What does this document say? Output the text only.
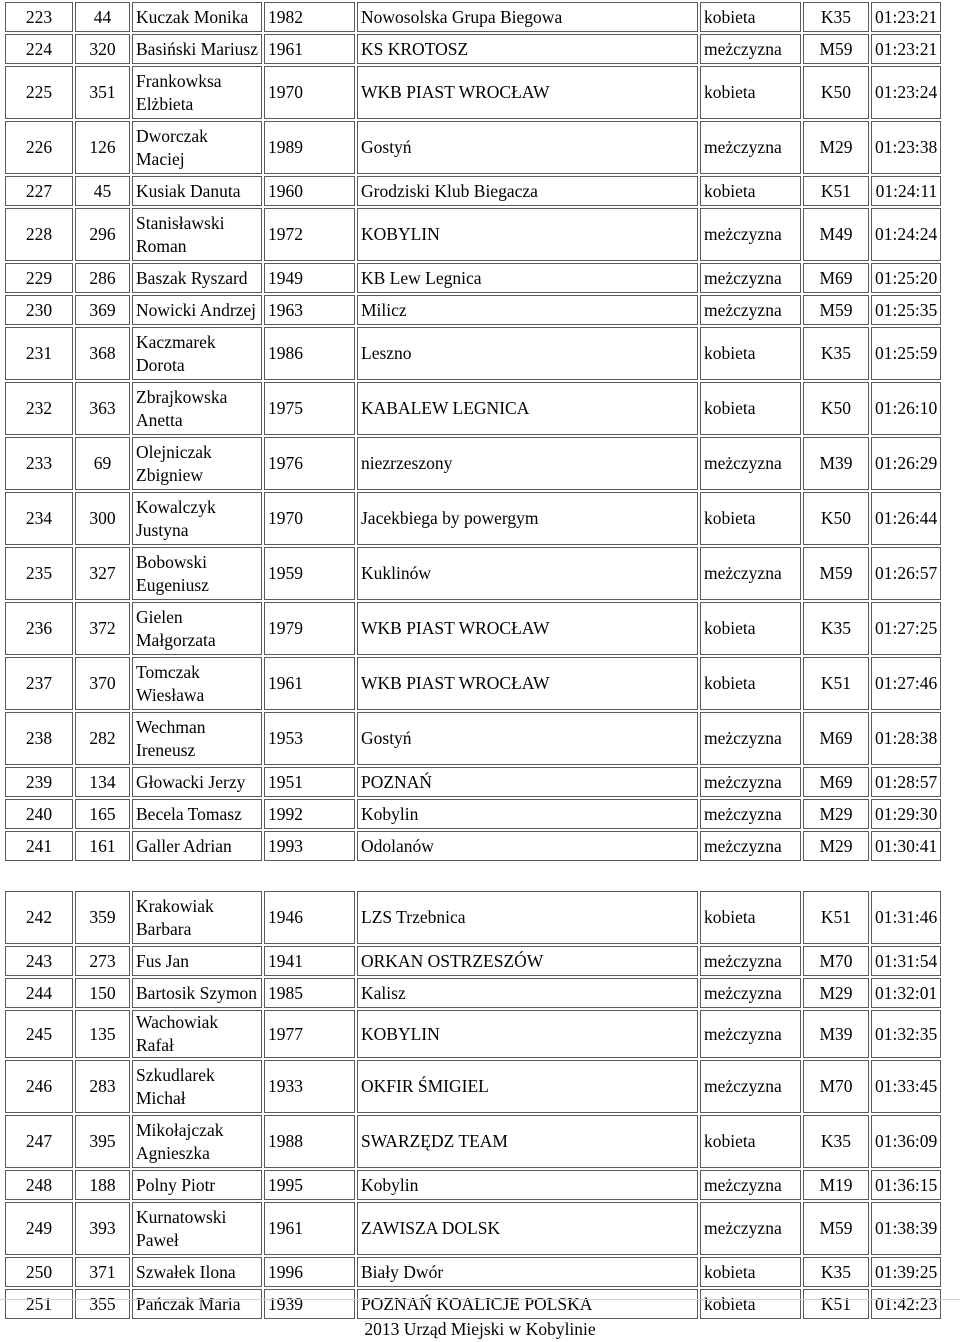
223	44	Kuczak Monika	1982	Nowosolska Grupa Biegowa	kobieta	K35	01:23:21
224	320	Basiński Mariusz	1961	KS KROTOSZ	meżczyzna	M59	01:23:21
225	351	Frankowksa Elżbieta	1970	WKB PIAST WROCŁAW	kobieta	K50	01:23:24
226	126	Dworczak Maciej	1989	Gostyń	meżczyzna	M29	01:23:38
227	45	Kusiak Danuta	1960	Grodziski Klub Biegacza	kobieta	K51	01:24:11
228	296	Stanisławski Roman	1972	KOBYLIN	meżczyzna	M49	01:24:24
229	286	Baszak Ryszard	1949	KB Lew Legnica	meżczyzna	M69	01:25:20
230	369	Nowicki Andrzej	1963	Milicz	meżczyzna	M59	01:25:35
231	368	Kaczmarek Dorota	1986	Leszno	kobieta	K35	01:25:59
232	363	Zbrajkowska Anetta	1975	KABALEW LEGNICA	kobieta	K50	01:26:10
233	69	Olejniczak Zbigniew	1976	niezrzeszony	meżczyzna	M39	01:26:29
234	300	Kowalczyk Justyna	1970	Jacekbiega by powergym	kobieta	K50	01:26:44
235	327	Bobowski Eugeniusz	1959	Kuklinów	meżczyzna	M59	01:26:57
236	372	Gielen Małgorzata	1979	WKB PIAST WROCŁAW	kobieta	K35	01:27:25
237	370	Tomczak Wiesława	1961	WKB PIAST WROCŁAW	kobieta	K51	01:27:46
238	282	Wechman Ireneusz	1953	Gostyń	meżczyzna	M69	01:28:38
239	134	Głowacki Jerzy	1951	POZNAŃ	meżczyzna	M69	01:28:57
240	165	Becela Tomasz	1992	Kobylin	meżczyzna	M29	01:29:30
241	161	Galler Adrian	1993	Odolanów	meżczyzna	M29	01:30:41

242	359	Krakowiak Barbara	1946	LZS Trzebnica	kobieta	K51	01:31:46
243	273	Fus Jan	1941	ORKAN OSTRZESZÓW	meżczyzna	M70	01:31:54
244	150	Bartosik Szymon	1985	Kalisz	meżczyzna	M29	01:32:01
245	135	Wachowiak Rafał	1977	KOBYLIN	meżczyzna	M39	01:32:35
246	283	Szkudlarek Michał	1933	OKFIR ŚMIGIEL	meżczyzna	M70	01:33:45
247	395	Mikołajczak Agnieszka	1988	SWARZĘDZ TEAM	kobieta	K35	01:36:09
248	188	Polny Piotr	1995	Kobylin	meżczyzna	M19	01:36:15
249	393	Kurnatowski Paweł	1961	ZAWISZA DOLSK	meżczyzna	M59	01:38:39
250	371	Szwałek Ilona	1996	Biały Dwór	kobieta	K35	01:39:25
251	355	Pańczak Maria	1939	POZNAŃ KOALICJE POLSKA	kobieta	K51	01:42:23
2013 Urząd Miejski w Kobylinie
